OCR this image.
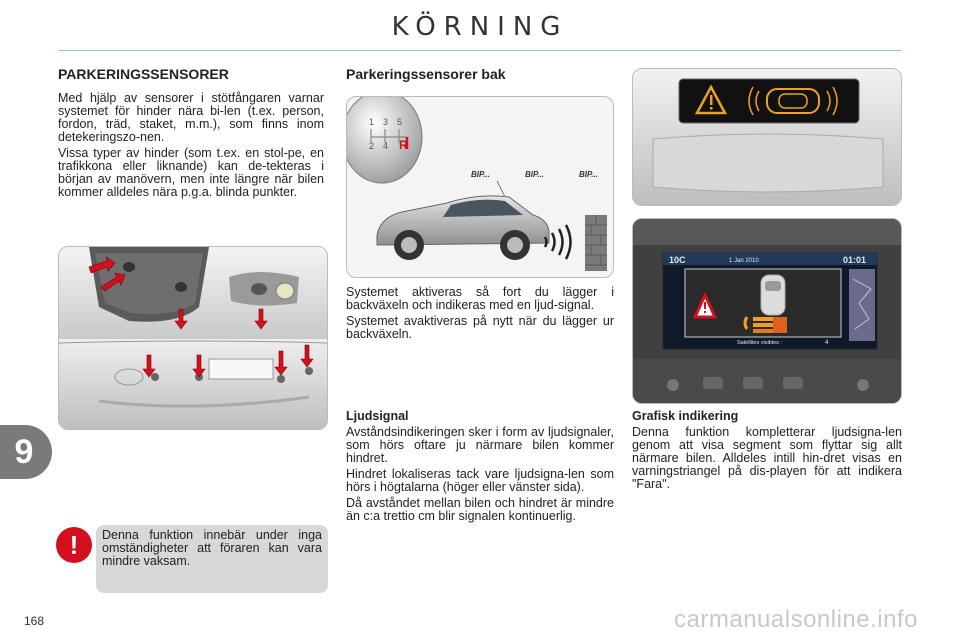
KÖRNING
PARKERINGSSENSORER

Med hjälp av sensorer i stötfångaren varnar systemet för hinder nära bi-len (t.ex. person, fordon, träd, staket, m.m.), som finns inom detekeringszo-nen.

Vissa typer av hinder (som t.ex. en stol-pe, en trafikkona eller liknande) kan de-tekteras i början av manövern, men inte längre när bilen kommer alldeles nära p.g.a. blinda punkter.

!	Denna funktion innebär under inga omständigheter att föraren kan vara mindre vaksam.
Parkeringssensorer bak
1 3 5
2 4 R
BIP...	BIP...	BIP...

Systemet aktiveras så fort du lägger i backväxeln och indikeras med en ljud-signal.

Systemet avaktiveras på nytt när du lägger ur backväxeln.

Ljudsignal

Avståndsindikeringen sker i form av ljudsignaler, som hörs oftare ju närmare bilen kommer hindret.

Hindret lokaliseras tack vare ljudsigna-len som hörs i högtalarna (höger eller vänster sida).

Då avståndet mellan bilen och hindret är mindre än c:a trettio cm blir signalen kontinuerlig.

10C	1 Jan 2010	01:01
Satellites visibles :	4
Grafisk indikering

Denna funktion kompletterar ljudsigna-len genom att visa segment som flyttar sig allt närmare bilen. Alldeles intill hin-dret visas en varningstriangel på dis-playen för att indikera "Fara".

9
168	carmanualsonline.info
